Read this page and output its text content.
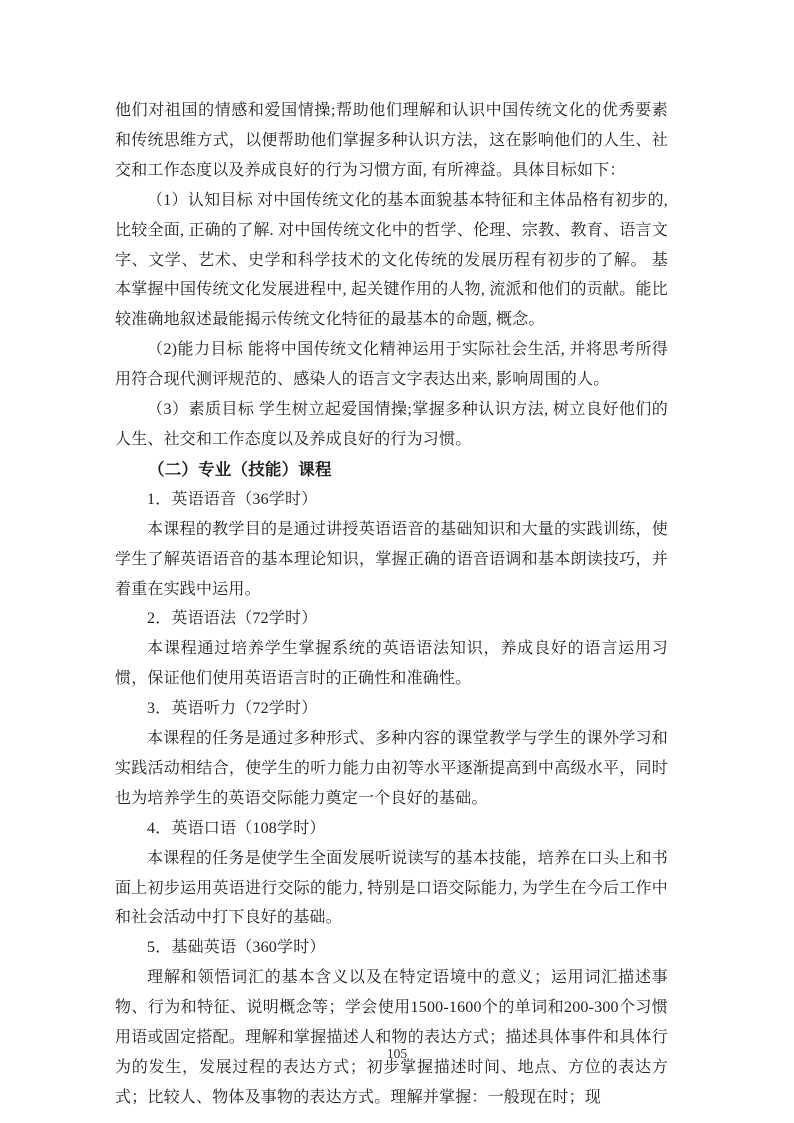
他们对祖国的情感和爱国情操;帮助他们理解和认识中国传统文化的优秀要素和传统思维方式，以便帮助他们掌握多种认识方法，这在影响他们的人生、社交和工作态度以及养成良好的行为习惯方面, 有所禆益。具体目标如下：

（1）认知目标 对中国传统文化的基本面貌基本特征和主体品格有初步的, 比较全面, 正确的了解. 对中国传统文化中的哲学、伦理、宗教、教育、语言文字、文学、艺术、史学和科学技术的文化传统的发展历程有初步的了解。 基本掌握中国传统文化发展进程中, 起关键作用的人物, 流派和他们的贡献。能比较准确地叙述最能揭示传统文化特征的最基本的命题, 概念。

（2)能力目标 能将中国传统文化精神运用于实际社会生活, 并将思考所得用符合现代测评规范的、感染人的语言文字表达出来, 影响周围的人。

（3）素质目标 学生树立起爱国情操;掌握多种认识方法, 树立良好他们的人生、社交和工作态度以及养成良好的行为习惯。

（二）专业（技能）课程

1．英语语音（36学时）

本课程的教学目的是通过讲授英语语音的基础知识和大量的实践训练，使学生了解英语语音的基本理论知识，掌握正确的语音语调和基本朗读技巧，并着重在实践中运用。

2．英语语法（72学时）

本课程通过培养学生掌握系统的英语语法知识，养成良好的语言运用习惯，保证他们使用英语语言时的正确性和准确性。

3．英语听力（72学时）

本课程的任务是通过多种形式、多种内容的课堂教学与学生的课外学习和实践活动相结合，使学生的听力能力由初等水平逐渐提高到中高级水平，同时也为培养学生的英语交际能力奠定一个良好的基础。

4．英语口语（108学时）

本课程的任务是使学生全面发展听说读写的基本技能，培养在口头上和书面上初步运用英语进行交际的能力, 特别是口语交际能力, 为学生在今后工作中和社会活动中打下良好的基础。

5．基础英语（360学时）

理解和领悟词汇的基本含义以及在特定语境中的意义；运用词汇描述事物、行为和特征、说明概念等；学会使用1500-1600个的单词和200-300个习惯用语或固定搭配。理解和掌握描述人和物的表达方式；描述具体事件和具体行为的发生，发展过程的表达方式；初步掌握描述时间、地点、方位的表达方式；比较人、物体及事物的表达方式。理解并掌握：一般现在时；现

105
